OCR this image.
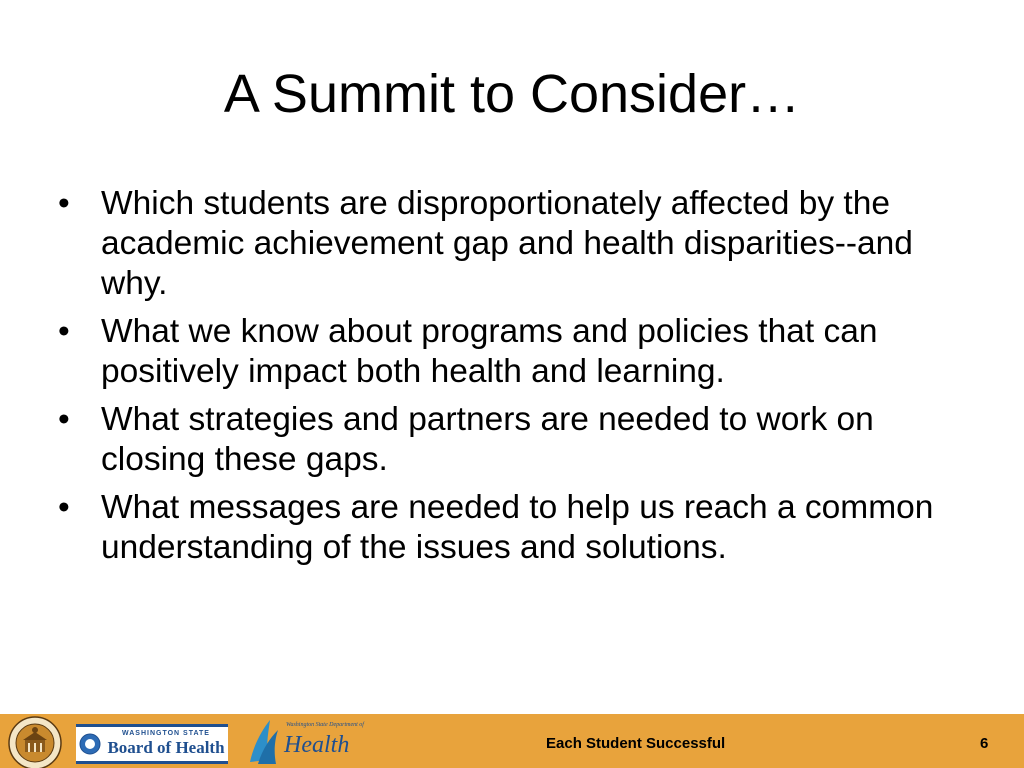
A Summit to Consider…
• Which students are disproportionately affected by the academic achievement gap and health disparities--and why.
• What we know about programs and policies that can positively impact both health and learning.
• What strategies and partners are needed to work on closing these gaps.
• What messages are needed to help us reach a common understanding of the issues and solutions.
WASHINGTON STATE
Board of Health
Washington State Department of
Health	Each Student Successful	6
